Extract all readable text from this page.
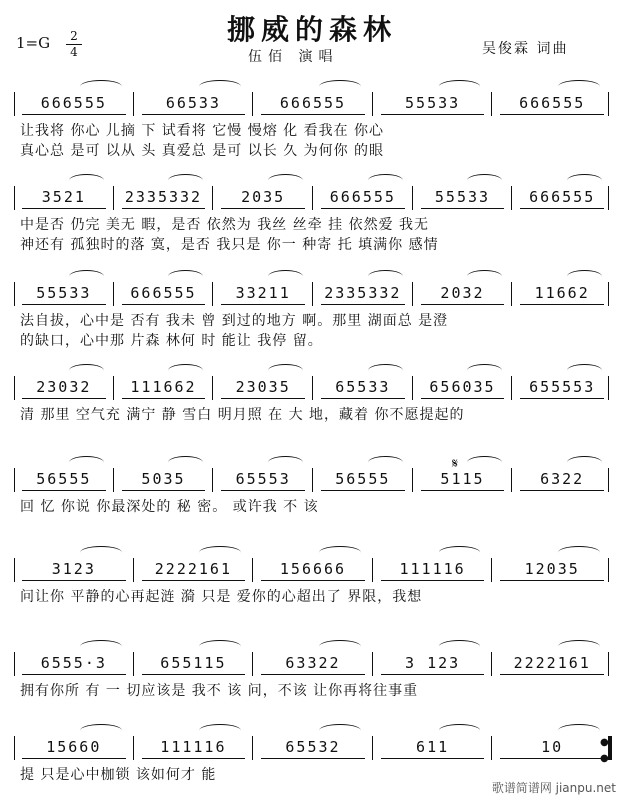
挪威的森林
1=G	2
4	伍佰 演唱	吴俊霖 词曲
666555	66533	666555	55533	666555
让我将 你心 儿摘 下 试看将 它慢 慢熔 化 看我在 你心
真心总 是可 以从 头 真爱总 是可 以长 久 为何你 的眼
3521	2335332	2035	666555	55533	666555
中是否 仍完 美无 暇，是否 依然为 我丝 丝牵 挂 依然爱 我无
神还有 孤独时的落 寞，是否 我只是 你一 种寄 托 填满你 感情
55533	666555	33211	2335332	2032	11662
法自拔，心中是 否有 我未 曾 到过的地方 啊。那里 湖面总 是澄
的缺口，心中那 片森 林何 时 能让 我停 留。
23032	111662	23035	65533	656035	655553
清 那里 空气充 满宁 静 雪白 明月照 在 大 地，藏着 你不愿提起的
56555	5035	65553	56555	5115	6322
回 忆 你说 你最深处的 秘 密。 或许我 不 该
3123	2222161	156666	111116	12035
问让你 平静的心再起涟 漪 只是 爱你的心超出了 界限，我想
6555·3	655115	63322	3 123	2222161
拥有你所 有 一 切应该是 我不 该 问，不该 让你再将往事重
15660	111116	65532	611	10	●

●
提 只是心中枷锁 该如何才 能
𝄋
歌谱简谱网 jianpu.net
